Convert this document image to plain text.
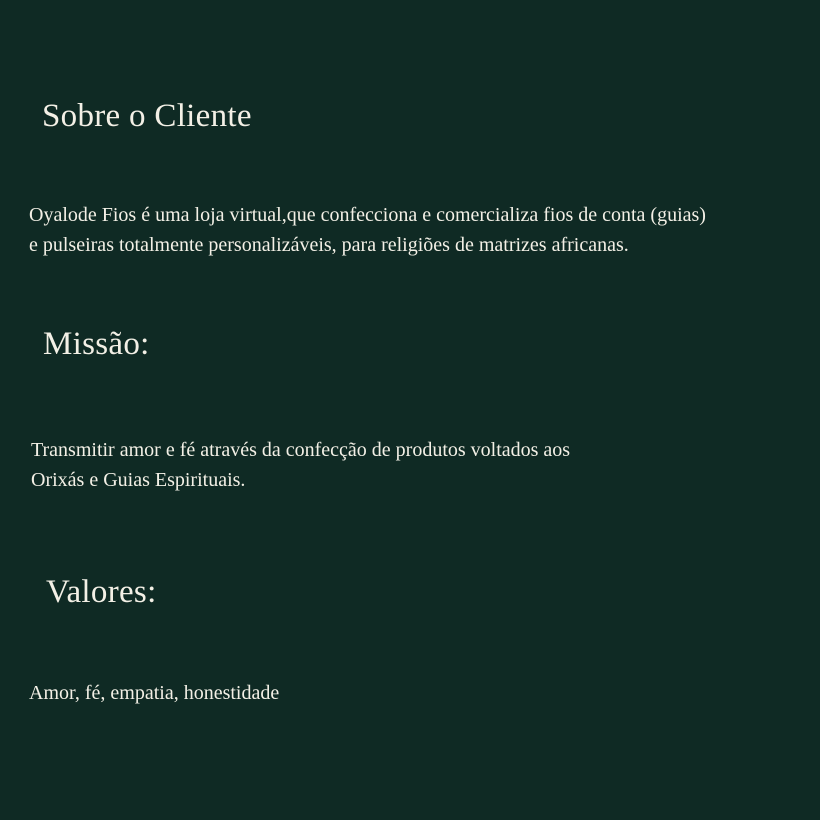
Sobre o Cliente

Oyalode Fios é uma loja virtual,que confecciona e comercializa fios de conta (guias)
e pulseiras totalmente personalizáveis, para religiões de matrizes africanas.

Missão:

Transmitir amor e fé através da confecção de produtos voltados aos
Orixás e Guias Espirituais.

Valores:

Amor, fé, empatia, honestidade
